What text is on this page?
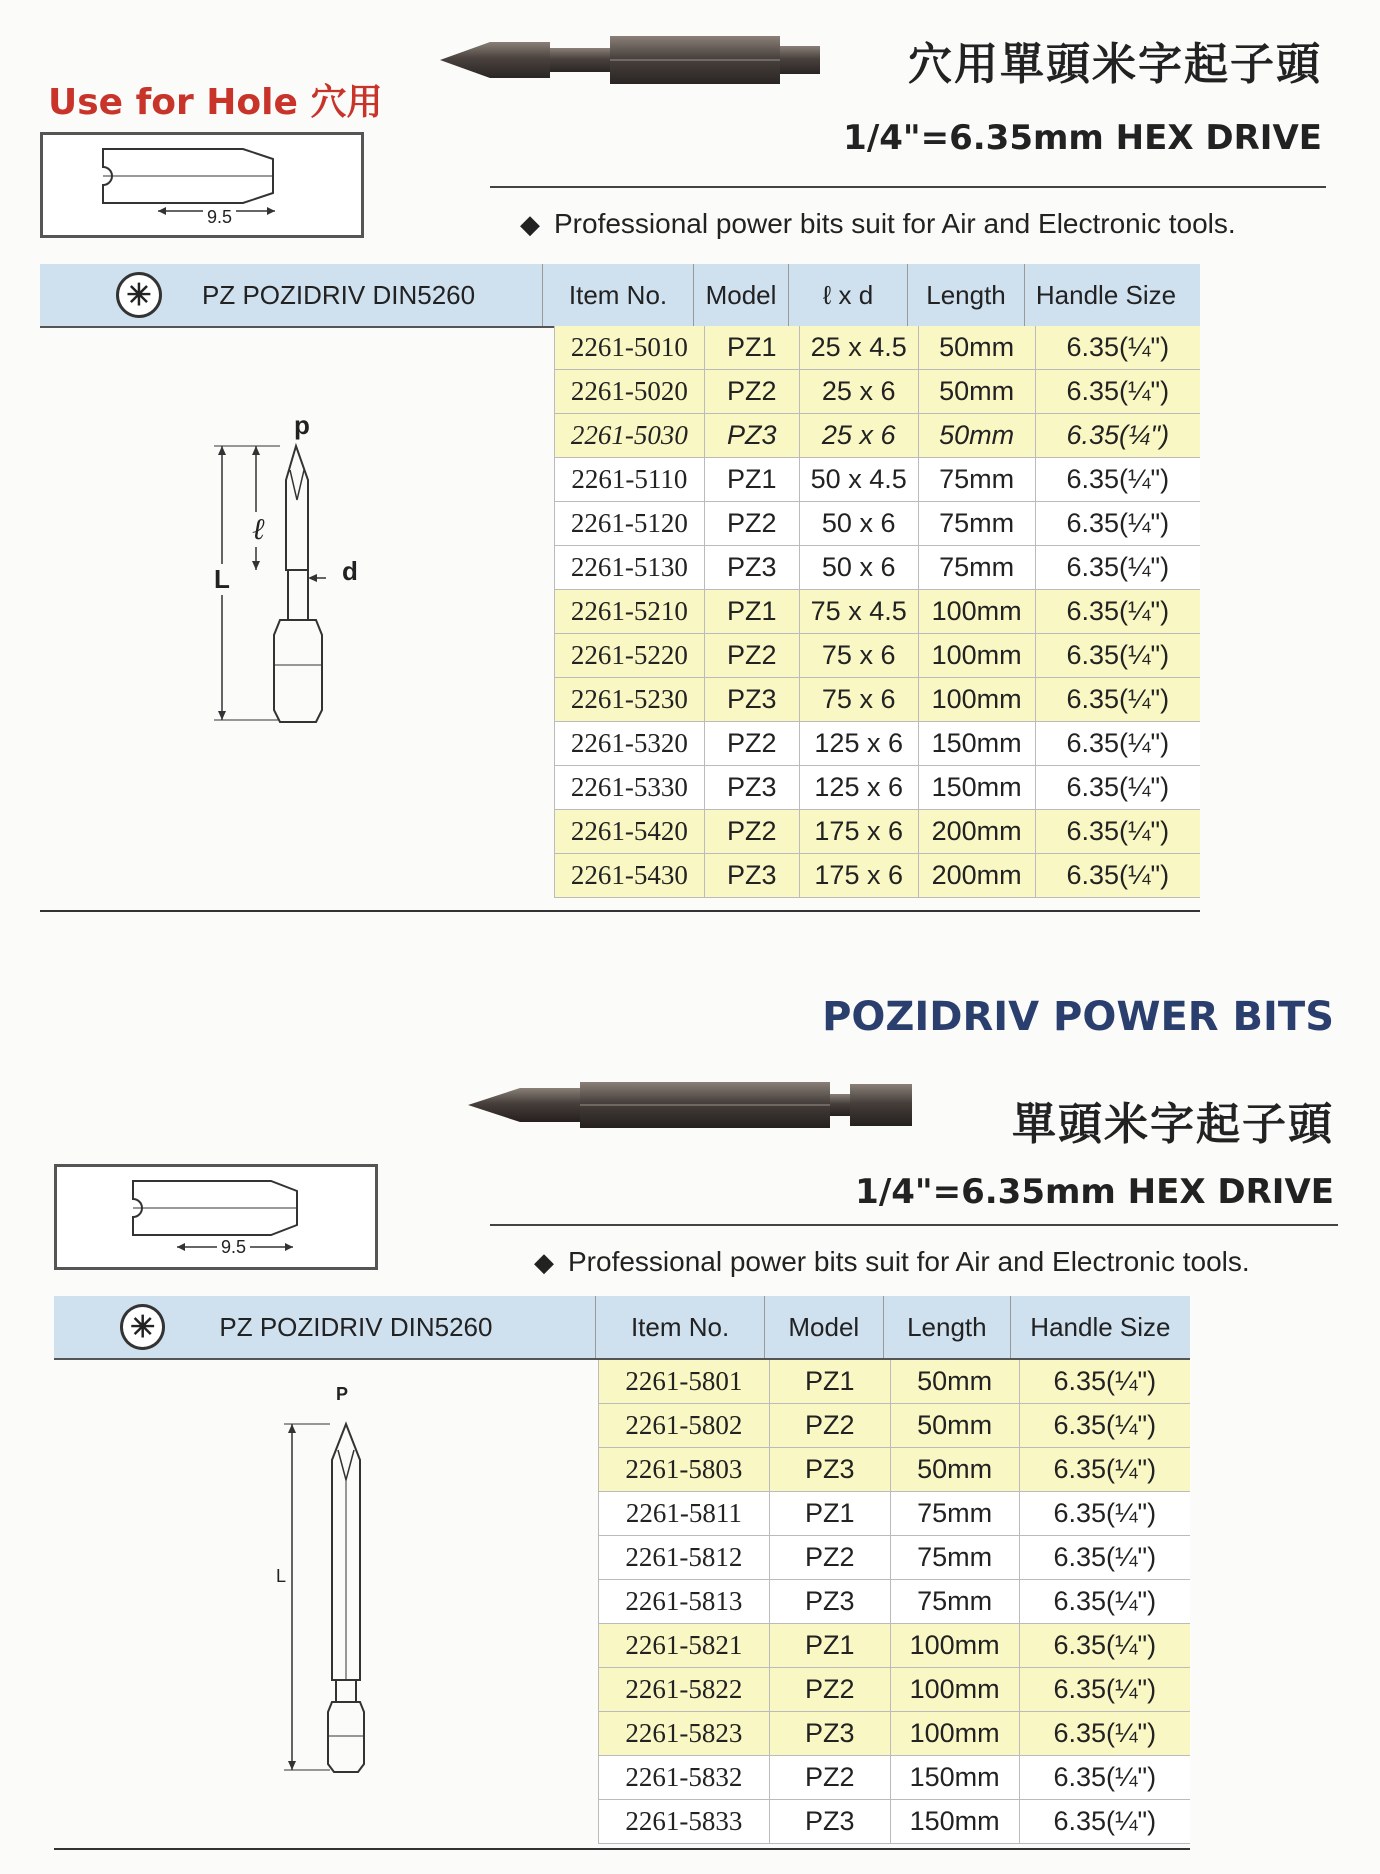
穴用單頭米字起子頭
Use for Hole 穴用
1/4"=6.35mm HEX DRIVE
9.5	◆ Professional power bits suit for Air and Electronic tools.
✳	PZ POZIDRIV DIN5260	Item No.	Model	ℓ x d	Length	Handle Size
p
ℓ
L	d
2261-5010	PZ1	25 x 4.5	50mm	6.35(¼")
2261-5020	PZ2	25 x 6	50mm	6.35(¼")
2261-5030	PZ3	25 x 6	50mm	6.35(¼")
2261-5110	PZ1	50 x 4.5	75mm	6.35(¼")
2261-5120	PZ2	50 x 6	75mm	6.35(¼")
2261-5130	PZ3	50 x 6	75mm	6.35(¼")
2261-5210	PZ1	75 x 4.5	100mm	6.35(¼")
2261-5220	PZ2	75 x 6	100mm	6.35(¼")
2261-5230	PZ3	75 x 6	100mm	6.35(¼")
2261-5320	PZ2	125 x 6	150mm	6.35(¼")
2261-5330	PZ3	125 x 6	150mm	6.35(¼")
2261-5420	PZ2	175 x 6	200mm	6.35(¼")
2261-5430	PZ3	175 x 6	200mm	6.35(¼")
POZIDRIV POWER BITS
單頭米字起子頭
9.5
1/4"=6.35mm HEX DRIVE
◆ Professional power bits suit for Air and Electronic tools.
✳	PZ POZIDRIV DIN5260	Item No.	Model	Length	Handle Size
P
L
2261-5801	PZ1	50mm	6.35(¼")
2261-5802	PZ2	50mm	6.35(¼")
2261-5803	PZ3	50mm	6.35(¼")
2261-5811	PZ1	75mm	6.35(¼")
2261-5812	PZ2	75mm	6.35(¼")
2261-5813	PZ3	75mm	6.35(¼")
2261-5821	PZ1	100mm	6.35(¼")
2261-5822	PZ2	100mm	6.35(¼")
2261-5823	PZ3	100mm	6.35(¼")
2261-5832	PZ2	150mm	6.35(¼")
2261-5833	PZ3	150mm	6.35(¼")
